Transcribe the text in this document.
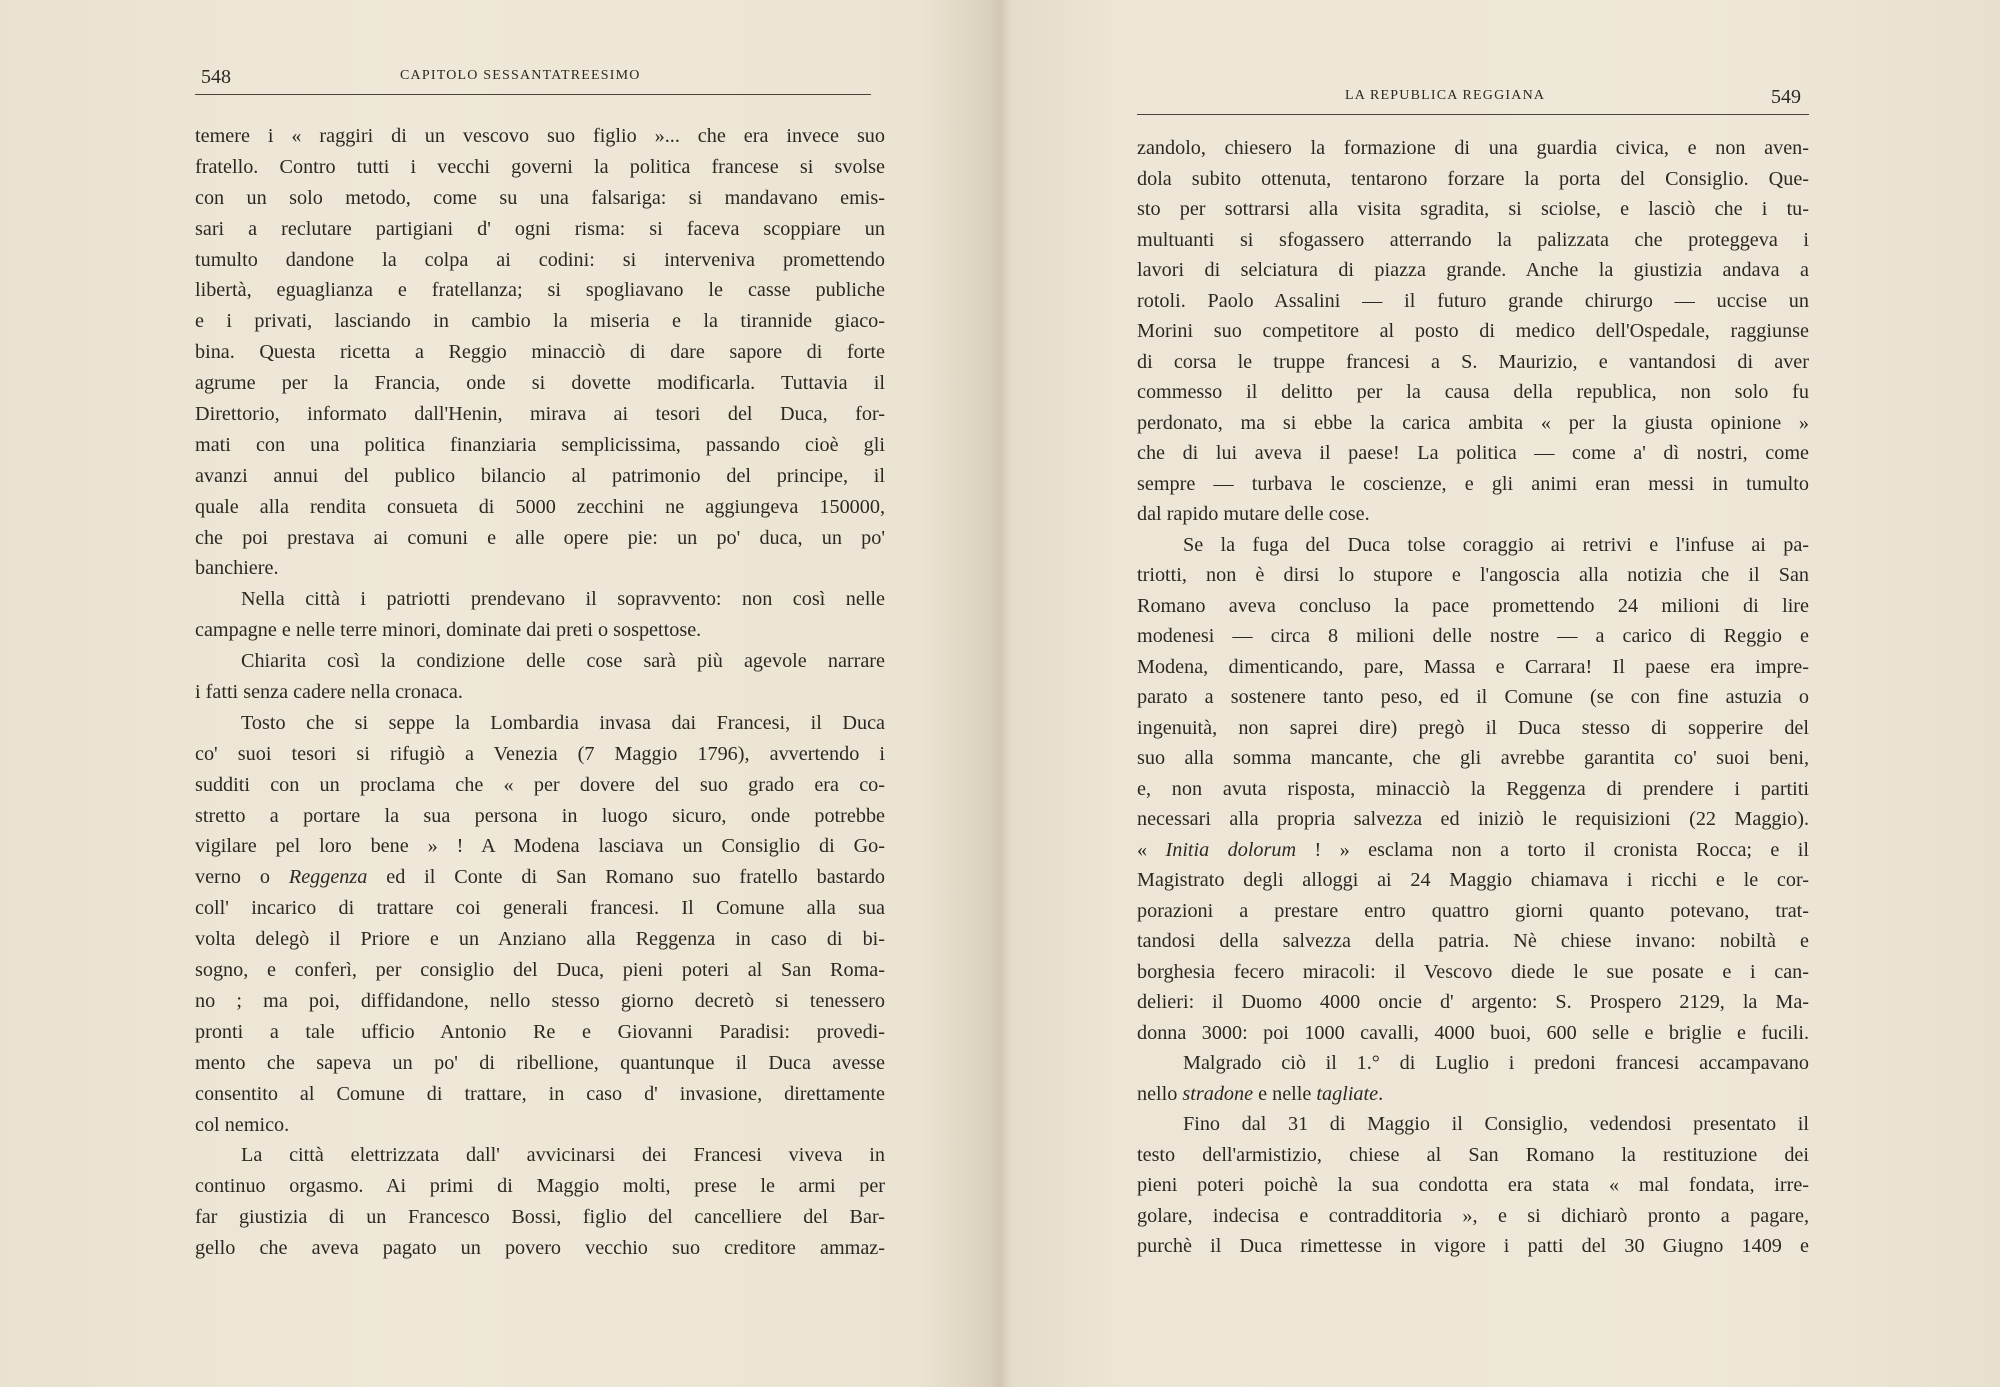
548	CAPITOLO SESSANTATREESIMO
temere i « raggiri di un vescovo suo figlio »... che era invece suo
fratello. Contro tutti i vecchi governi la politica francese si svolse
con un solo metodo, come su una falsariga: si mandavano emis-
sari a reclutare partigiani d' ogni risma: si faceva scoppiare un
tumulto dandone la colpa ai codini: si interveniva promettendo
libertà, eguaglianza e fratellanza; si spogliavano le casse publiche
e i privati, lasciando in cambio la miseria e la tirannide giaco-
bina. Questa ricetta a Reggio minacciò di dare sapore di forte
agrume per la Francia, onde si dovette modificarla. Tuttavia il
Direttorio, informato dall'Henin, mirava ai tesori del Duca, for-
mati con una politica finanziaria semplicissima, passando cioè gli
avanzi annui del publico bilancio al patrimonio del principe, il
quale alla rendita consueta di 5000 zecchini ne aggiungeva 150000,
che poi prestava ai comuni e alle opere pie: un po' duca, un po'
banchiere.
Nella città i patriotti prendevano il sopravvento: non così nelle
campagne e nelle terre minori, dominate dai preti o sospettose.
Chiarita così la condizione delle cose sarà più agevole narrare
i fatti senza cadere nella cronaca.
Tosto che si seppe la Lombardia invasa dai Francesi, il Duca
co' suoi tesori si rifugiò a Venezia (7 Maggio 1796), avvertendo i
sudditi con un proclama che « per dovere del suo grado era co-
stretto a portare la sua persona in luogo sicuro, onde potrebbe
vigilare pel loro bene » ! A Modena lasciava un Consiglio di Go-
verno o Reggenza ed il Conte di San Romano suo fratello bastardo
coll' incarico di trattare coi generali francesi. Il Comune alla sua
volta delegò il Priore e un Anziano alla Reggenza in caso di bi-
sogno, e conferì, per consiglio del Duca, pieni poteri al San Roma-
no ; ma poi, diffidandone, nello stesso giorno decretò si tenessero
pronti a tale ufficio Antonio Re e Giovanni Paradisi: provedi-
mento che sapeva un po' di ribellione, quantunque il Duca avesse
consentito al Comune di trattare, in caso d' invasione, direttamente
col nemico.
La città elettrizzata dall' avvicinarsi dei Francesi viveva in
continuo orgasmo. Ai primi di Maggio molti, prese le armi per
far giustizia di un Francesco Bossi, figlio del cancelliere del Bar-
gello che aveva pagato un povero vecchio suo creditore ammaz-
LA REPUBLICA REGGIANA	549
zandolo, chiesero la formazione di una guardia civica, e non aven-
dola subito ottenuta, tentarono forzare la porta del Consiglio. Que-
sto per sottrarsi alla visita sgradita, si sciolse, e lasciò che i tu-
multuanti si sfogassero atterrando la palizzata che proteggeva i
lavori di selciatura di piazza grande. Anche la giustizia andava a
rotoli. Paolo Assalini — il futuro grande chirurgo — uccise un
Morini suo competitore al posto di medico dell'Ospedale, raggiunse
di corsa le truppe francesi a S. Maurizio, e vantandosi di aver
commesso il delitto per la causa della republica, non solo fu
perdonato, ma si ebbe la carica ambita « per la giusta opinione »
che di lui aveva il paese! La politica — come a' dì nostri, come
sempre — turbava le coscienze, e gli animi eran messi in tumulto
dal rapido mutare delle cose.
Se la fuga del Duca tolse coraggio ai retrivi e l'infuse ai pa-
triotti, non è dirsi lo stupore e l'angoscia alla notizia che il San
Romano aveva concluso la pace promettendo 24 milioni di lire
modenesi — circa 8 milioni delle nostre — a carico di Reggio e
Modena, dimenticando, pare, Massa e Carrara! Il paese era impre-
parato a sostenere tanto peso, ed il Comune (se con fine astuzia o
ingenuità, non saprei dire) pregò il Duca stesso di sopperire del
suo alla somma mancante, che gli avrebbe garantita co' suoi beni,
e, non avuta risposta, minacciò la Reggenza di prendere i partiti
necessari alla propria salvezza ed iniziò le requisizioni (22 Maggio).
« Initia dolorum ! » esclama non a torto il cronista Rocca; e il
Magistrato degli alloggi ai 24 Maggio chiamava i ricchi e le cor-
porazioni a prestare entro quattro giorni quanto potevano, trat-
tandosi della salvezza della patria. Nè chiese invano: nobiltà e
borghesia fecero miracoli: il Vescovo diede le sue posate e i can-
delieri: il Duomo 4000 oncie d' argento: S. Prospero 2129, la Ma-
donna 3000: poi 1000 cavalli, 4000 buoi, 600 selle e briglie e fucili.
Malgrado ciò il 1.° di Luglio i predoni francesi accampavano
nello stradone e nelle tagliate.
Fino dal 31 di Maggio il Consiglio, vedendosi presentato il
testo dell'armistizio, chiese al San Romano la restituzione dei
pieni poteri poichè la sua condotta era stata « mal fondata, irre-
golare, indecisa e contradditoria », e si dichiarò pronto a pagare,
purchè il Duca rimettesse in vigore i patti del 30 Giugno 1409 e
